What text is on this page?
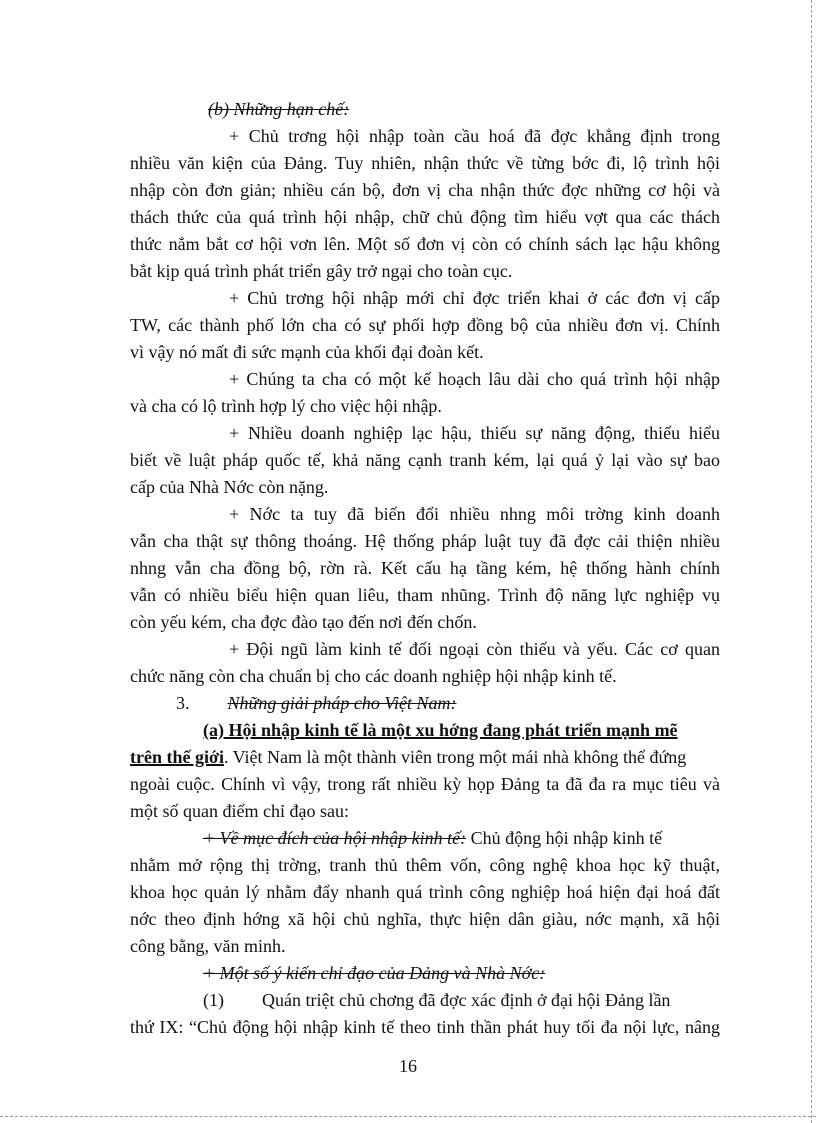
(b) Những hạn chế:
+ Chủ trơng hội nhập toàn cầu hoá đã đợc khẳng định trong
nhiều văn kiện của Đảng. Tuy nhiên, nhận thức về từng bớc đi, lộ trình hội
nhập còn đơn giản; nhiều cán bộ, đơn vị cha nhận thức đợc những cơ hội và
thách thức của quá trình hội nhập, chữ chủ động tìm hiểu vợt qua các thách
thức nắm bắt cơ hội vơn lên. Một số đơn vị còn có chính sách lạc hậu không
bắt kịp quá trình phát triển gây trở ngại cho toàn cục.
+ Chủ trơng hội nhập mới chỉ đợc triển khai ở các đơn vị cấp
TW, các thành phố lớn cha có sự phối hợp đồng bộ của nhiều đơn vị. Chính
vì vậy nó mất đi sức mạnh của khối đại đoàn kết.
+ Chúng ta cha có một kế hoạch lâu dài cho quá trình hội nhập
và cha có lộ trình hợp lý cho việc hội nhập.
+ Nhiều doanh nghiệp lạc hậu, thiếu sự năng động, thiếu hiểu
biết về luật pháp quốc tế, khả năng cạnh tranh kém, lại quá ỷ lại vào sự bao
cấp của Nhà Nớc còn nặng.
+ Nớc ta tuy đã biến đổi nhiều nhng môi trờng kinh doanh
vẫn cha thật sự thông thoáng. Hệ thống pháp luật tuy đã đợc cải thiện nhiều
nhng vẫn cha đồng bộ, rờn rà. Kết cấu hạ tầng kém, hệ thống hành chính
vẫn có nhiều biểu hiện quan liêu, tham nhũng. Trình độ năng lực nghiệp vụ
còn yếu kém, cha đợc đào tạo đến nơi đến chốn.
+ Đội ngũ làm kinh tế đối ngoại còn thiếu và yếu. Các cơ quan
chức năng còn cha chuẩn bị cho các doanh nghiệp hội nhập kinh tế.
3. Những giải pháp cho Việt Nam:
(a) Hội nhập kinh tế là một xu hớng đang phát triển mạnh mẽ
trên thế giới. Việt Nam là một thành viên trong một mái nhà không thể đứng
ngoài cuộc. Chính vì vậy, trong rất nhiều kỳ họp Đảng ta đã đa ra mục tiêu và
một số quan điểm chỉ đạo sau:
+ Về mục đích của hội nhập kinh tế: Chủ động hội nhập kinh tế
nhằm mở rộng thị trờng, tranh thủ thêm vốn, công nghệ khoa học kỹ thuật,
khoa học quản lý nhằm đẩy nhanh quá trình công nghiệp hoá hiện đại hoá đất
nớc theo định hớng xã hội chủ nghĩa, thực hiện dân giàu, nớc mạnh, xã hội
công bằng, văn minh.
+ Một số ý kiến chỉ đạo của Đảng và Nhà Nớc:
(1) Quán triệt chủ chơng đã đợc xác định ở đại hội Đảng lần
thứ IX: “Chủ động hội nhập kinh tế theo tinh thần phát huy tối đa nội lực, nâng
16
